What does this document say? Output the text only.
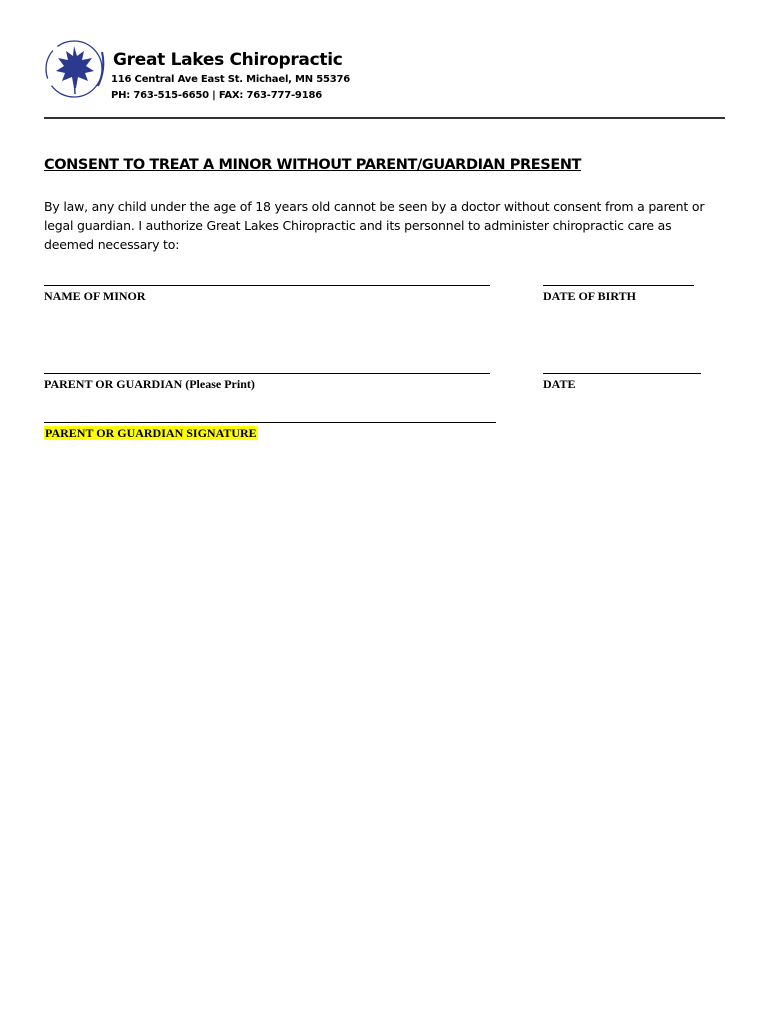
Great Lakes Chiropractic
116 Central Ave East St. Michael, MN 55376
PH: 763-515-6650 | FAX: 763-777-9186
CONSENT TO TREAT A MINOR WITHOUT PARENT/GUARDIAN PRESENT
By law, any child under the age of 18 years old cannot be seen by a doctor without consent from a parent or legal guardian. I authorize Great Lakes Chiropractic and its personnel to administer chiropractic care as deemed necessary to:
NAME OF MINOR	DATE OF BIRTH
PARENT OR GUARDIAN (Please Print)	DATE
PARENT OR GUARDIAN SIGNATURE
